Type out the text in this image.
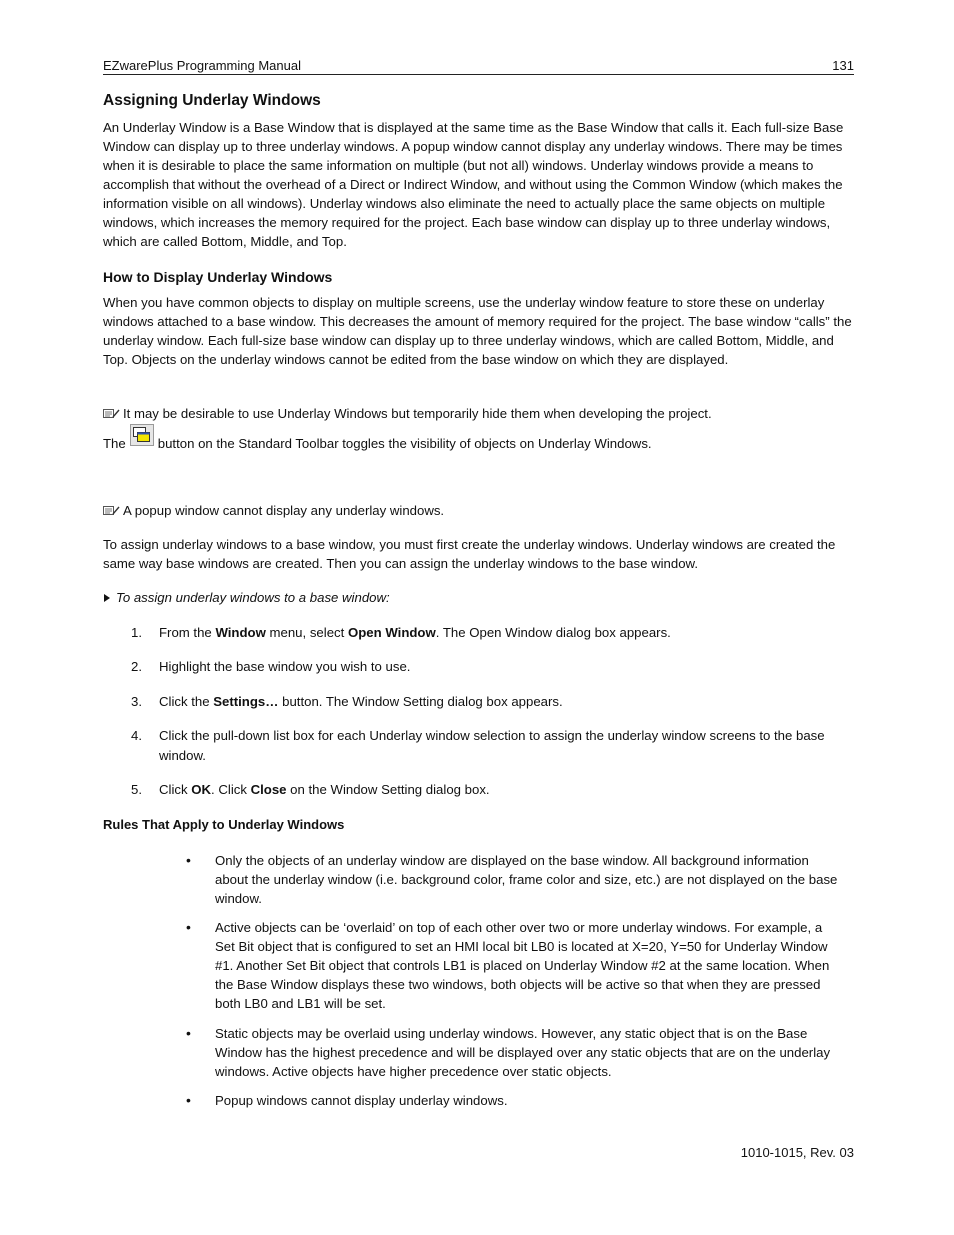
EZwarePlus Programming Manual	131
Assigning Underlay Windows

An Underlay Window is a Base Window that is displayed at the same time as the Base Window that calls it. Each full-size Base Window can display up to three underlay windows. A popup window cannot display any underlay windows. There may be times when it is desirable to place the same information on multiple (but not all) windows. Underlay windows provide a means to accomplish that without the overhead of a Direct or Indirect Window, and without using the Common Window (which makes the information visible on all windows). Underlay windows also eliminate the need to actually place the same objects on multiple windows, which increases the memory required for the project. Each base window can display up to three underlay windows, which are called Bottom, Middle, and Top.

How to Display Underlay Windows

When you have common objects to display on multiple screens, use the underlay window feature to store these on underlay windows attached to a base window. This decreases the amount of memory required for the project. The base window “calls” the underlay window. Each full-size base window can display up to three underlay windows, which are called Bottom, Middle, and Top. Objects on the underlay windows cannot be edited from the base window on which they are displayed.

It may be desirable to use Underlay Windows but temporarily hide them when developing the project.
The button on the Standard Toolbar toggles the visibility of objects on Underlay Windows.
A popup window cannot display any underlay windows.

To assign underlay windows to a base window, you must first create the underlay windows. Underlay windows are created the same way base windows are created. Then you can assign the underlay windows to the base window.

To assign underlay windows to a base window:
1. From the Window menu, select Open Window. The Open Window dialog box appears.
2. Highlight the base window you wish to use.
3. Click the Settings… button. The Window Setting dialog box appears.
4. Click the pull-down list box for each Underlay window selection to assign the underlay window screens to the base window.
5. Click OK. Click Close on the Window Setting dialog box.
Rules That Apply to Underlay Windows
• Only the objects of an underlay window are displayed on the base window. All background information about the underlay window (i.e. background color, frame color and size, etc.) are not displayed on the base window.
• Active objects can be ‘overlaid’ on top of each other over two or more underlay windows. For example, a Set Bit object that is configured to set an HMI local bit LB0 is located at X=20, Y=50 for Underlay Window #1. Another Set Bit object that controls LB1 is placed on Underlay Window #2 at the same location. When the Base Window displays these two windows, both objects will be active so that when they are pressed both LB0 and LB1 will be set.
• Static objects may be overlaid using underlay windows. However, any static object that is on the Base Window has the highest precedence and will be displayed over any static objects that are on the underlay windows. Active objects have higher precedence over static objects.
• Popup windows cannot display underlay windows.
1010-1015, Rev. 03
